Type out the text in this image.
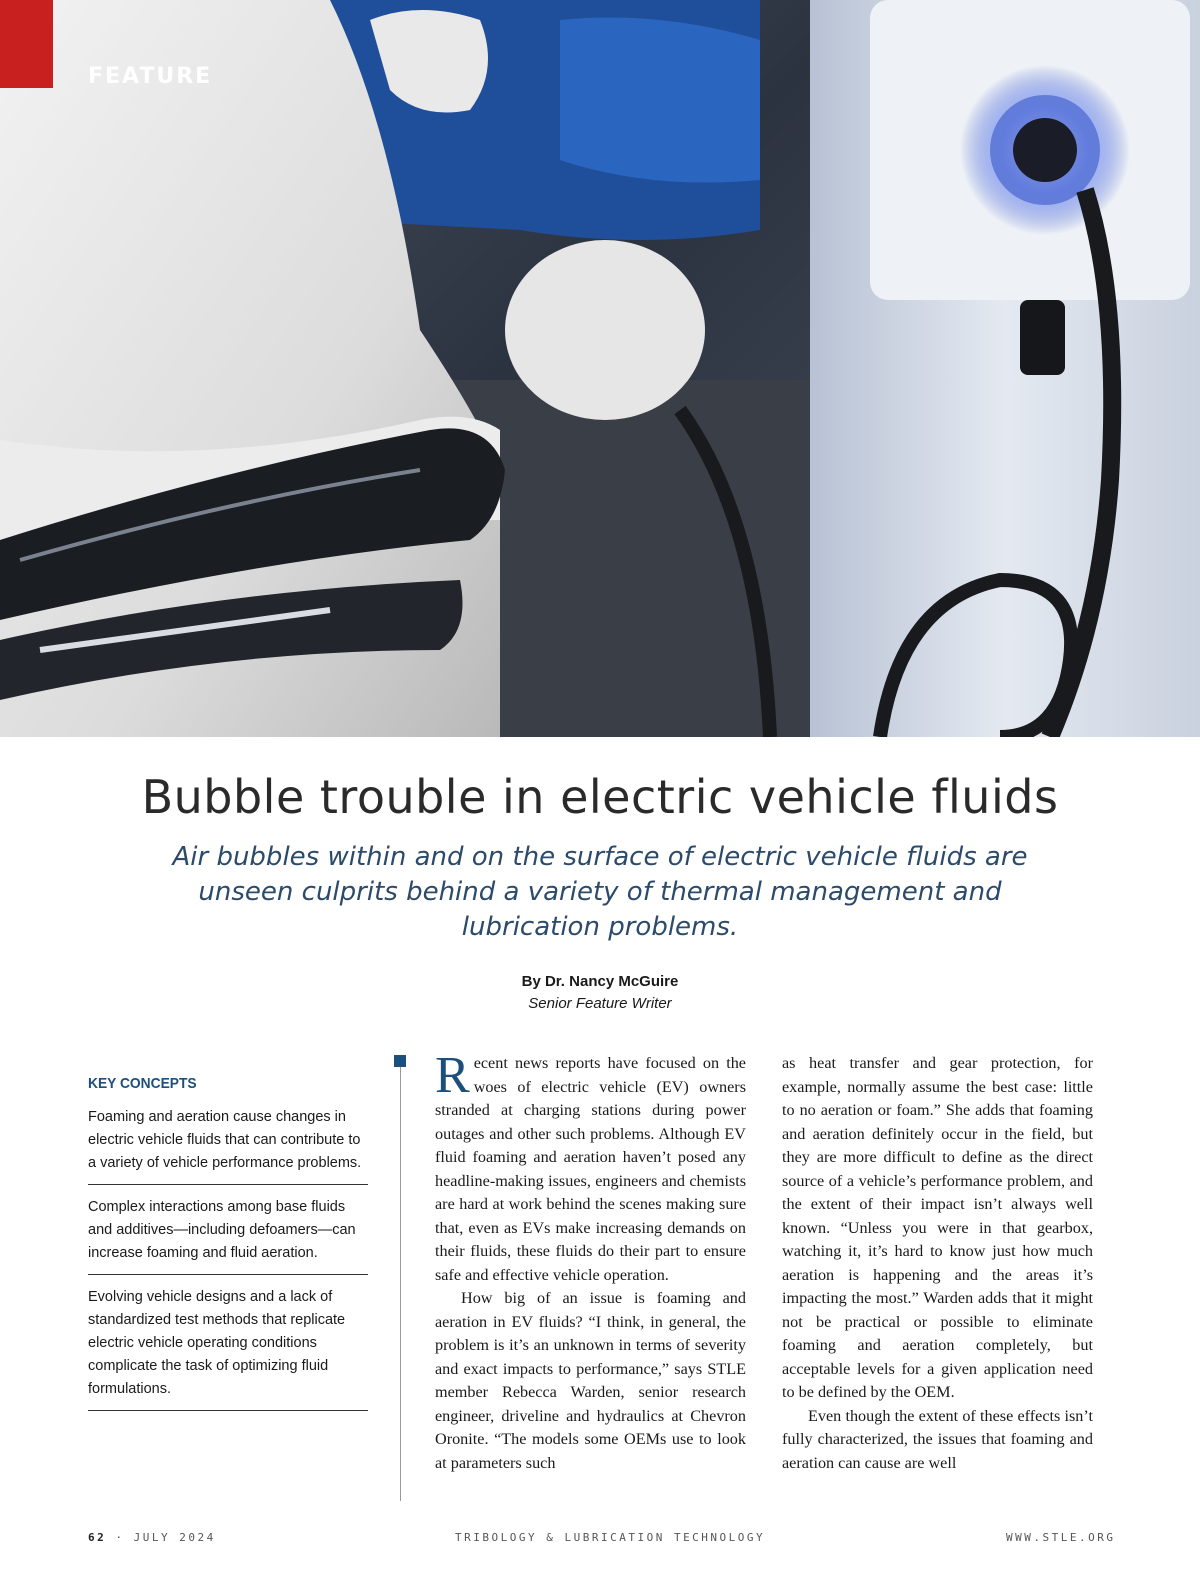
FEATURE
Bubble trouble in electric vehicle fluids

Air bubbles within and on the surface of electric vehicle fluids are unseen culprits behind a variety of thermal management and lubrication problems.

By Dr. Nancy McGuire
Senior Feature Writer
KEY CONCEPTS
Foaming and aeration cause changes in electric vehicle fluids that can contribute to a variety of vehicle performance problems.
Complex interactions among base fluids and additives—including defoamers—can increase foaming and fluid aeration.
Evolving vehicle designs and a lack of standardized test methods that replicate electric vehicle operating conditions complicate the task of optimizing fluid formulations.

Recent news reports have focused on the woes of electric vehicle (EV) owners stranded at charging stations during power outages and other such problems. Although EV fluid foaming and aeration haven’t posed any headline-making issues, engineers and chemists are hard at work behind the scenes making sure that, even as EVs make increasing demands on their fluids, these fluids do their part to ensure safe and effective vehicle operation.

How big of an issue is foaming and aeration in EV fluids? “I think, in general, the problem is it’s an unknown in terms of severity and exact impacts to performance,” says STLE member Rebecca Warden, senior research engineer, driveline and hydraulics at Chevron Oronite. “The models some OEMs use to look at parameters such

as heat transfer and gear protection, for example, normally assume the best case: little to no aeration or foam.” She adds that foaming and aeration definitely occur in the field, but they are more difficult to define as the direct source of a vehicle’s performance problem, and the extent of their impact isn’t always well known. “Unless you were in that gearbox, watching it, it’s hard to know just how much aeration is happening and the areas it’s impacting the most.” Warden adds that it might not be practical or possible to eliminate foaming and aeration completely, but acceptable levels for a given application need to be defined by the OEM.

Even though the extent of these effects isn’t fully characterized, the issues that foaming and aeration can cause are well

62 · JULY 2024	TRIBOLOGY & LUBRICATION TECHNOLOGY	WWW.STLE.ORG
